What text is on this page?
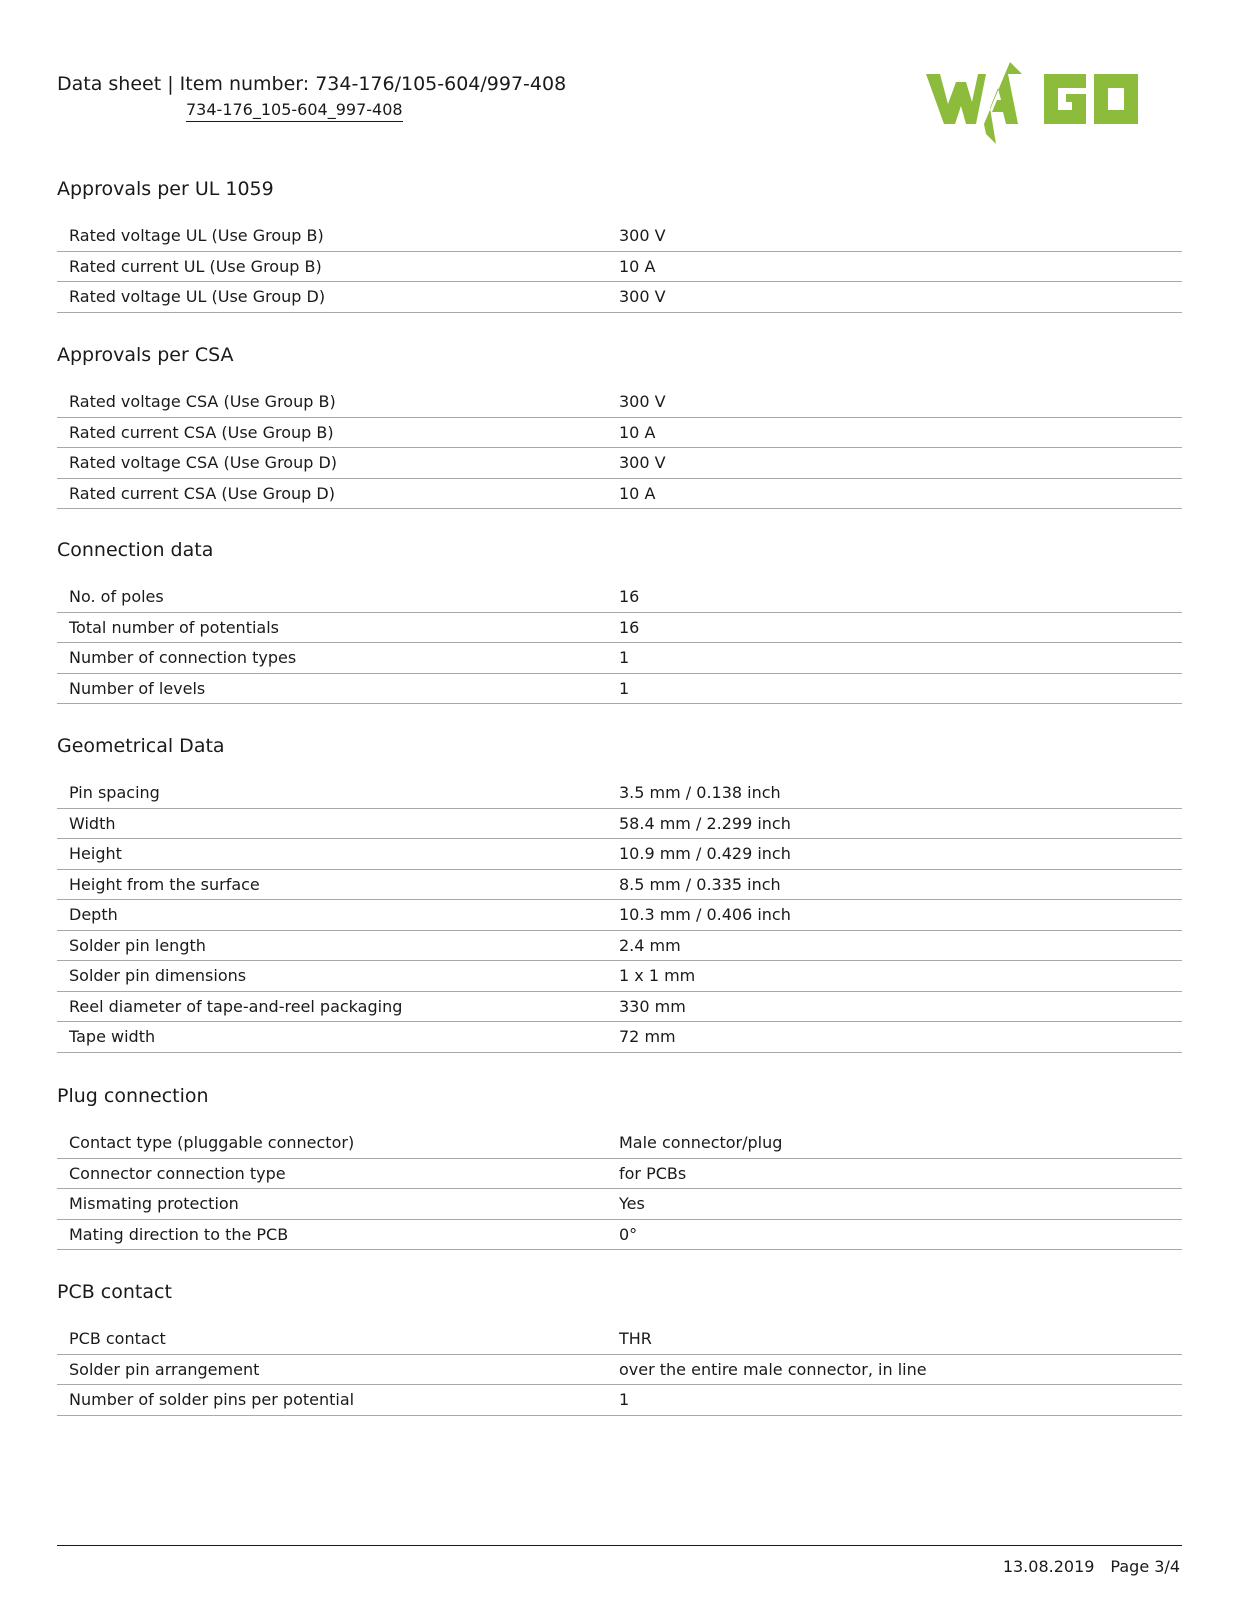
Data sheet | Item number: 734-176/105-604/997-408
734-176_105-604_997-408
Approvals per UL 1059
Rated voltage UL (Use Group B)	300 V
Rated current UL (Use Group B)	10 A
Rated voltage UL (Use Group D)	300 V
Approvals per CSA
Rated voltage CSA (Use Group B)	300 V
Rated current CSA (Use Group B)	10 A
Rated voltage CSA (Use Group D)	300 V
Rated current CSA (Use Group D)	10 A
Connection data
No. of poles	16
Total number of potentials	16
Number of connection types	1
Number of levels	1
Geometrical Data
Pin spacing	3.5 mm / 0.138 inch
Width	58.4 mm / 2.299 inch
Height	10.9 mm / 0.429 inch
Height from the surface	8.5 mm / 0.335 inch
Depth	10.3 mm / 0.406 inch
Solder pin length	2.4 mm
Solder pin dimensions	1 x 1 mm
Reel diameter of tape-and-reel packaging	330 mm
Tape width	72 mm
Plug connection
Contact type (pluggable connector)	Male connector/plug
Connector connection type	for PCBs
Mismating protection	Yes
Mating direction to the PCB	0°
PCB contact
PCB contact	THR
Solder pin arrangement	over the entire male connector, in line
Number of solder pins per potential	1
13.08.2019 Page 3/4
